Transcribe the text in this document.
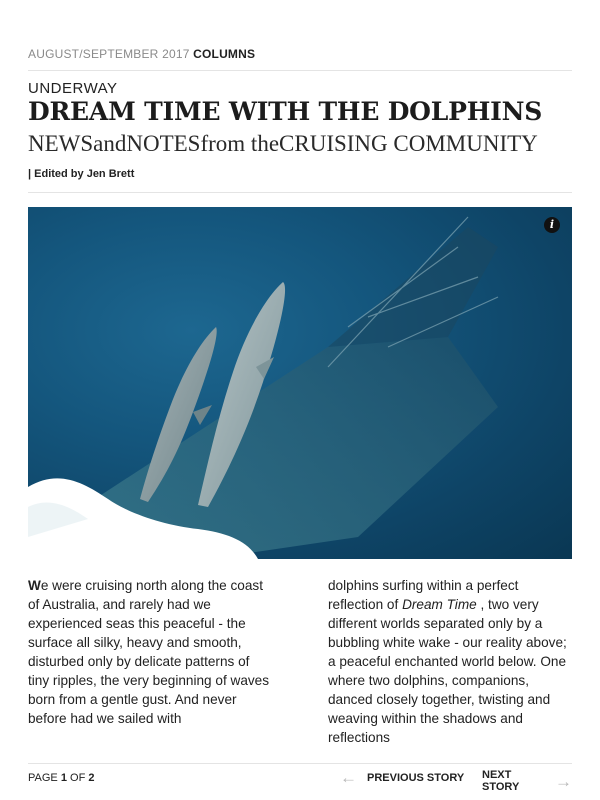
AUGUST/SEPTEMBER 2017 COLUMNS
UNDERWAY
DREAM TIME WITH THE DOLPHINS
NEWSandNOTESfrom theCRUISING COMMUNITY
| Edited by Jen Brett
i
We were cruising north along the coast of Australia, and rarely had we experienced seas this peaceful - the surface all silky, heavy and smooth, disturbed only by delicate patterns of tiny ripples, the very beginning of waves born from a gentle gust. And never before had we sailed with
dolphins surfing within a perfect reflection of Dream Time , two very different worlds separated only by a bubbling white wake - our reality above; a peaceful enchanted world below. One where two dolphins, companions, danced closely together, twisting and weaving within the shadows and reflections
PAGE 1 OF 2	← PREVIOUS STORY NEXT STORY	→
